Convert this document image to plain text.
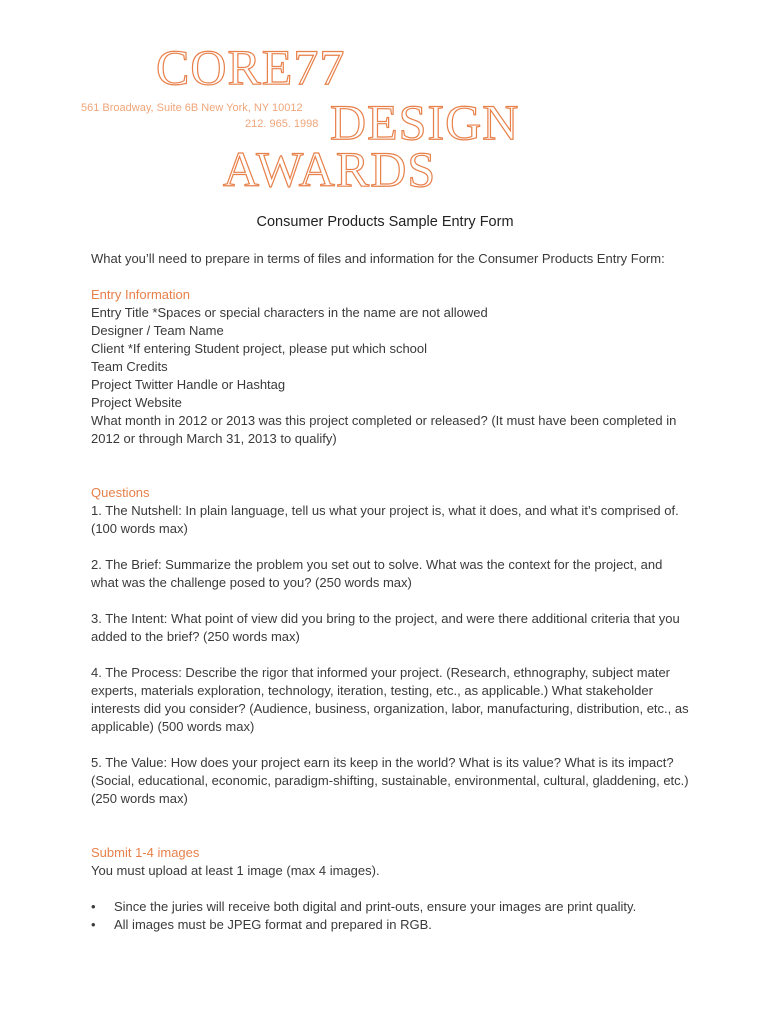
CORE77
561 Broadway, Suite 6B New York, NY 10012
212. 965. 1998 DESIGN
AWARDS
Consumer Products Sample Entry Form

What you’ll need to prepare in terms of files and information for the Consumer Products Entry Form:

Entry Information

Entry Title *Spaces or special characters in the name are not allowed

Designer / Team Name

Client *If entering Student project, please put which school

Team Credits

Project Twitter Handle or Hashtag

Project Website

What month in 2012 or 2013 was this project completed or released? (It must have been completed in 2012 or through March 31, 2013 to qualify)

Questions

1. The Nutshell: In plain language, tell us what your project is, what it does, and what it’s comprised of. (100 words max)

2. The Brief: Summarize the problem you set out to solve. What was the context for the project, and what was the challenge posed to you? (250 words max)

3. The Intent: What point of view did you bring to the project, and were there additional criteria that you added to the brief? (250 words max)

4. The Process: Describe the rigor that informed your project. (Research, ethnography, subject mater experts, materials exploration, technology, iteration, testing, etc., as applicable.) What stakeholder interests did you consider? (Audience, business, organization, labor, manufacturing, distribution, etc., as applicable) (500 words max)

5. The Value: How does your project earn its keep in the world? What is its value? What is its impact? (Social, educational, economic, paradigm-shifting, sustainable, environmental, cultural, gladdening, etc.) (250 words max)

Submit 1-4 images

You must upload at least 1 image (max 4 images).

• Since the juries will receive both digital and print-outs, ensure your images are print quality.
• All images must be JPEG format and prepared in RGB.
